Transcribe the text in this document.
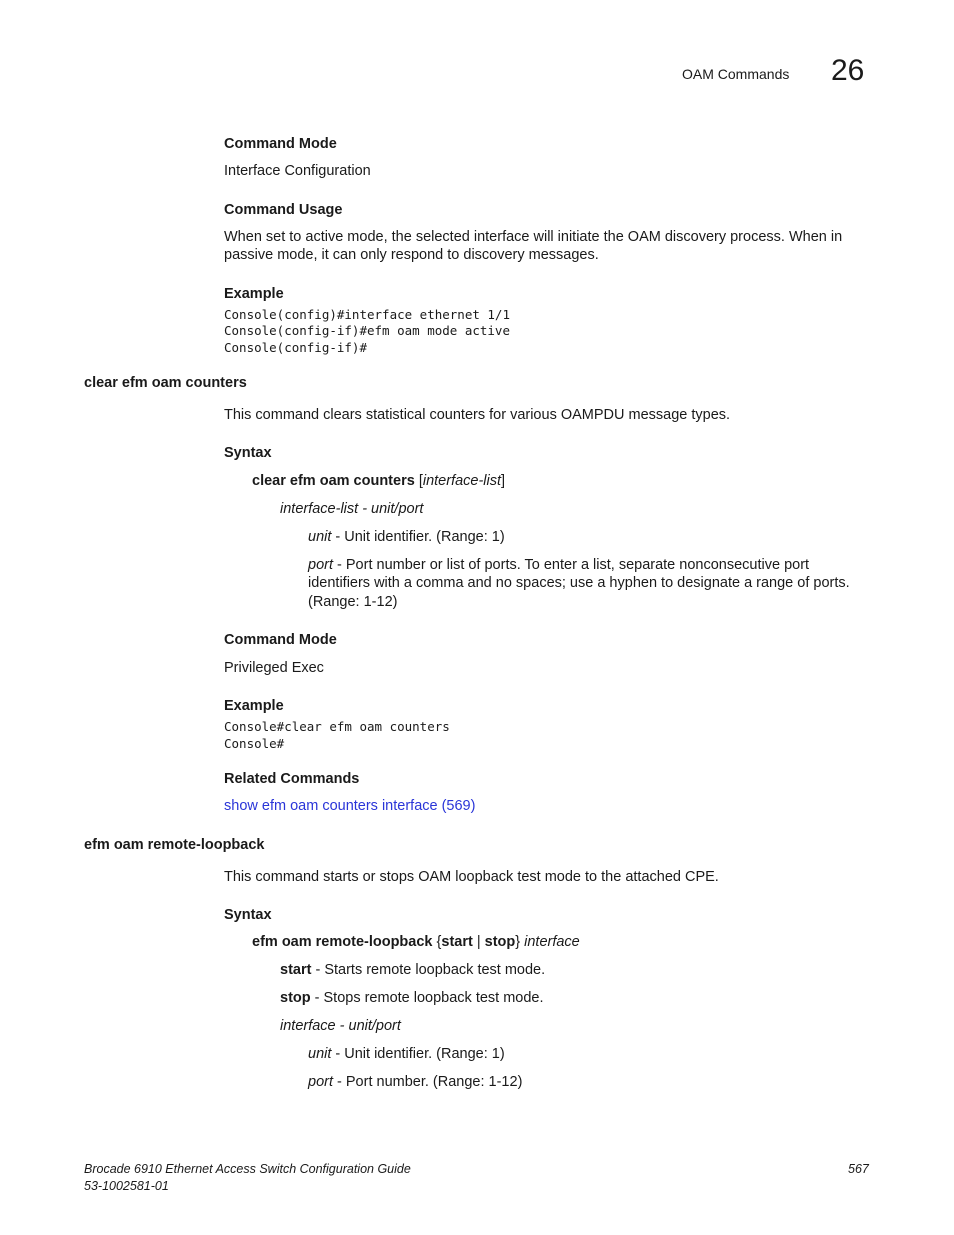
OAM Commands 26
Command Mode
Interface Configuration
Command Usage
When set to active mode, the selected interface will initiate the OAM discovery process. When in
passive mode, it can only respond to discovery messages.
Example
Console(config)#interface ethernet 1/1
Console(config-if)#efm oam mode active
Console(config-if)#
clear efm oam counters
This command clears statistical counters for various OAMPDU message types.
Syntax
clear efm oam counters [interface-list]
interface-list - unit/port
unit - Unit identifier. (Range: 1)
port - Port number or list of ports. To enter a list, separate nonconsecutive port
identifiers with a comma and no spaces; use a hyphen to designate a range of ports.
(Range: 1-12)
Command Mode
Privileged Exec
Example
Console#clear efm oam counters
Console#
Related Commands
show efm oam counters interface (569)
efm oam remote-loopback
This command starts or stops OAM loopback test mode to the attached CPE.
Syntax
efm oam remote-loopback {start | stop} interface
start - Starts remote loopback test mode.
stop - Stops remote loopback test mode.
interface - unit/port
unit - Unit identifier. (Range: 1)
port - Port number. (Range: 1-12)
Brocade 6910 Ethernet Access Switch Configuration Guide
53-1002581-01
567
